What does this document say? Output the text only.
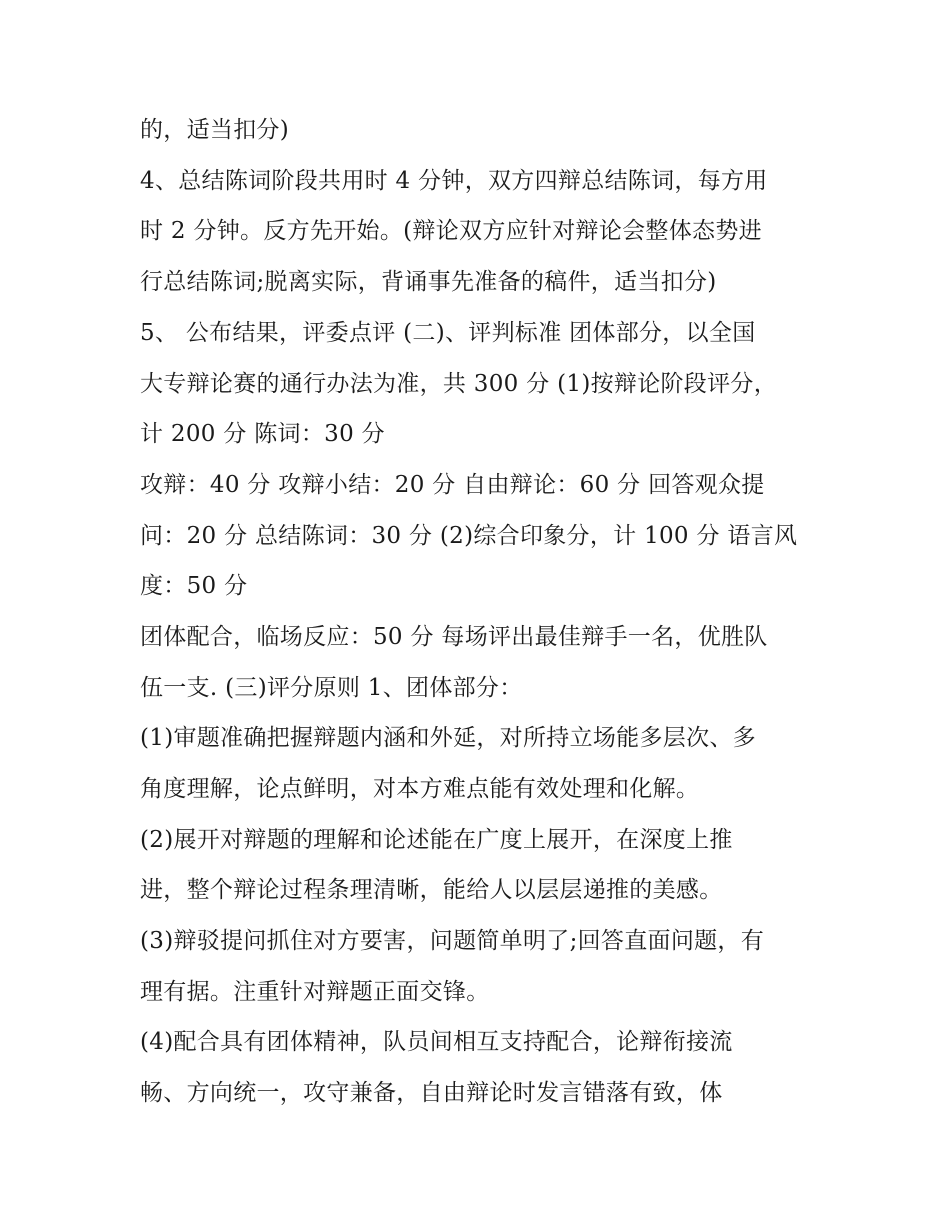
的，适当扣分)
4、总结陈词阶段共用时 4 分钟，双方四辩总结陈词，每方用
时 2 分钟。反方先开始。(辩论双方应针对辩论会整体态势进
行总结陈词;脱离实际，背诵事先准备的稿件，适当扣分)
5、 公布结果，评委点评 (二)、评判标准 团体部分，以全国
大专辩论赛的通行办法为准，共 300 分 (1)按辩论阶段评分，
计 200 分 陈词：30 分
攻辩：40 分 攻辩小结：20 分 自由辩论：60 分 回答观众提
问：20 分 总结陈词：30 分 (2)综合印象分，计 100 分 语言风
度：50 分
团体配合，临场反应：50 分 每场评出最佳辩手一名，优胜队
伍一支. (三)评分原则 1、团体部分：
(1)审题准确把握辩题内涵和外延，对所持立场能多层次、多
角度理解，论点鲜明，对本方难点能有效处理和化解。
(2)展开对辩题的理解和论述能在广度上展开，在深度上推
进，整个辩论过程条理清晰，能给人以层层递推的美感。
(3)辩驳提问抓住对方要害，问题简单明了;回答直面问题，有
理有据。注重针对辩题正面交锋。
(4)配合具有团体精神，队员间相互支持配合，论辩衔接流
畅、方向统一，攻守兼备，自由辩论时发言错落有致，体
